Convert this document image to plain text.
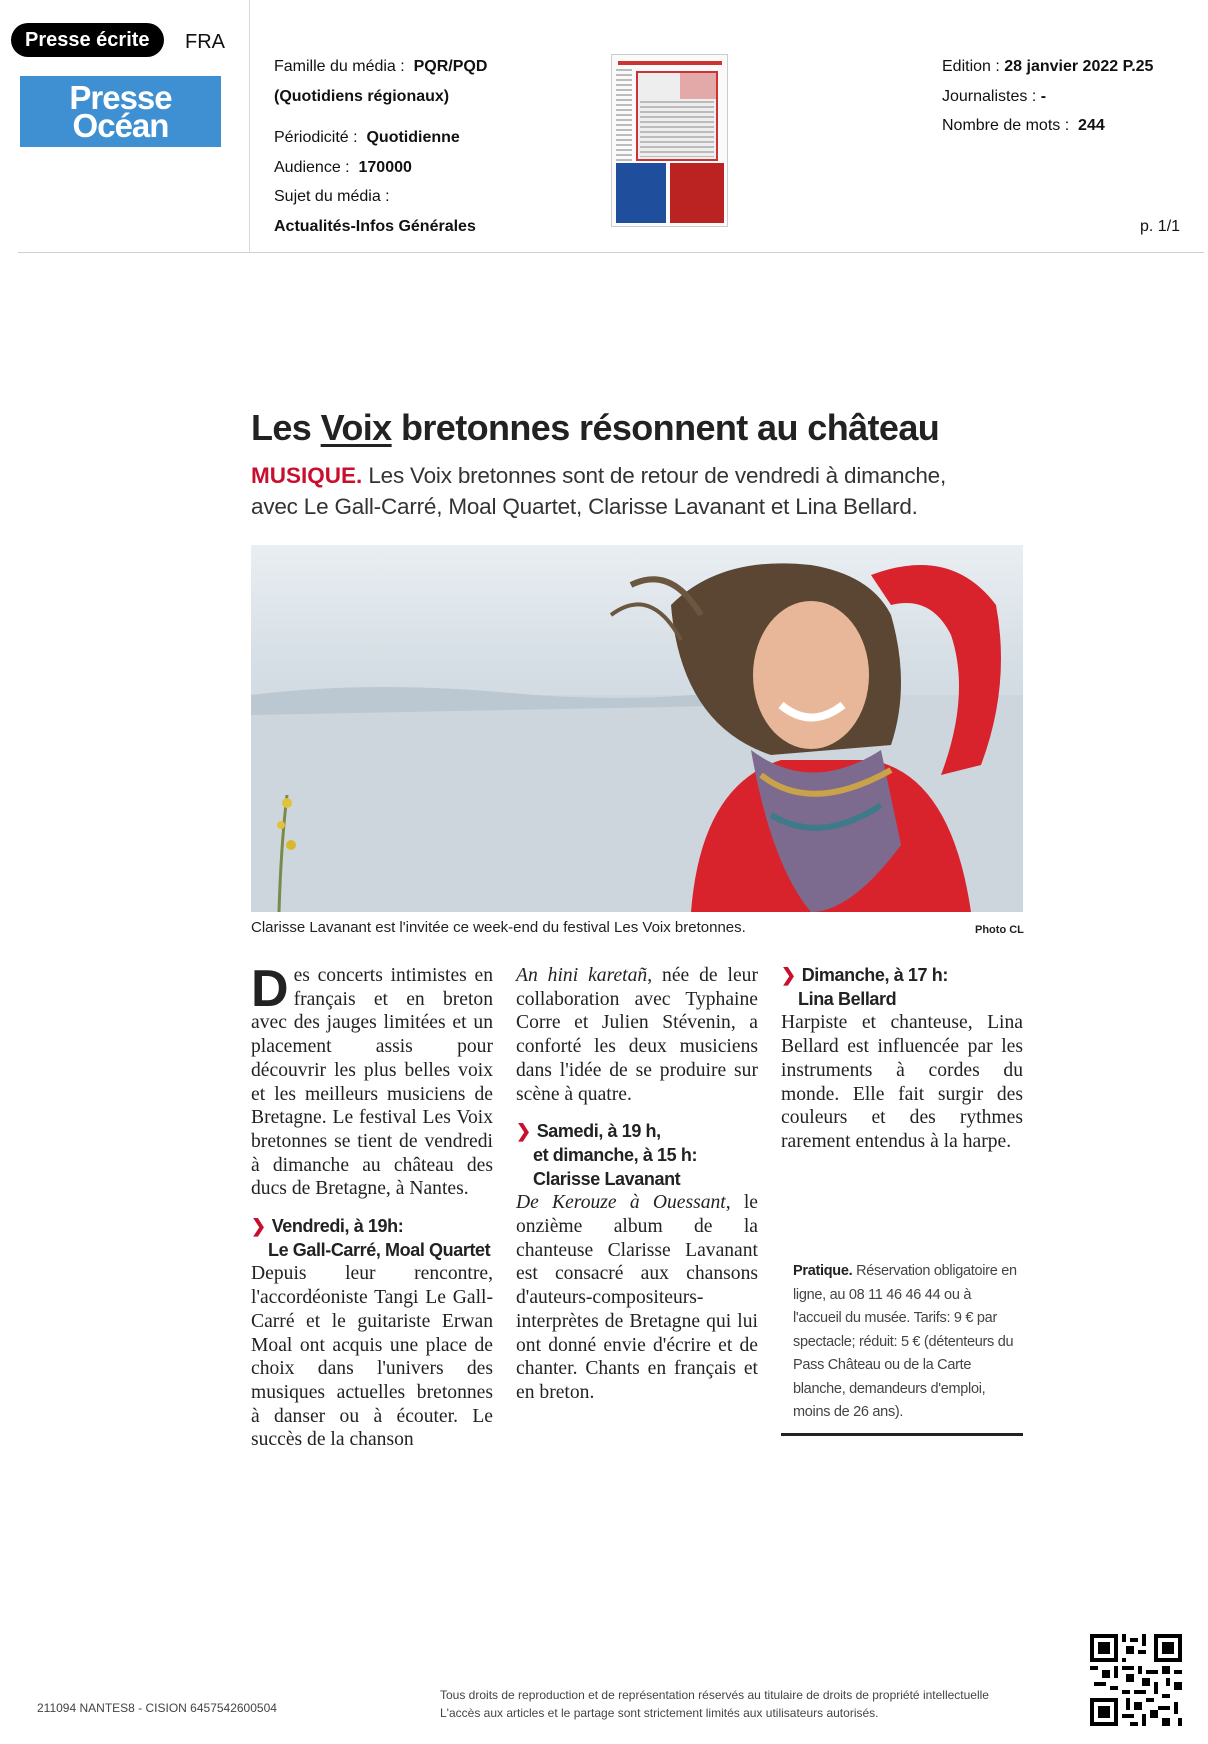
Presse écrite	FRA
Presse
Océan
Famille du média : PQR/PQD
(Quotidiens régionaux)
Périodicité : Quotidienne
Audience : 170000
Sujet du média :
Actualités-Infos Générales
Edition : 28 janvier 2022 P.25
Journalistes : -
Nombre de mots : 244
p. 1/1
Les Voix bretonnes résonnent au château

MUSIQUE. Les Voix bretonnes sont de retour de vendredi à dimanche, avec Le Gall-Carré, Moal Quartet, Clarisse Lavanant et Lina Bellard.

Clarisse Lavanant est l'invitée ce week-end du festival Les Voix bretonnes.	Photo CL

Des concerts intimistes en français et en breton avec des jauges limitées et un placement assis pour découvrir les plus belles voix et les meilleurs musiciens de Bretagne. Le festival Les Voix bretonnes se tient de vendredi à dimanche au château des ducs de Bretagne, à Nantes.

❯ Vendredi, à 19h:
Le Gall-Carré, Moal Quartet

Depuis leur rencontre, l'accordéoniste Tangi Le Gall-Carré et le guitariste Erwan Moal ont acquis une place de choix dans l'univers des musiques actuelles bretonnes à danser ou à écouter. Le succès de la chanson

An hini karetañ, née de leur collaboration avec Typhaine Corre et Julien Stévenin, a conforté les deux musiciens dans l'idée de se produire sur scène à quatre.

❯ Samedi, à 19 h,
et dimanche, à 15 h:
Clarisse Lavanant

De Kerouze à Ouessant, le onzième album de la chanteuse Clarisse Lavanant est consacré aux chansons d'auteurs-compositeurs-interprètes de Bretagne qui lui ont donné envie d'écrire et de chanter. Chants en français et en breton.

❯ Dimanche, à 17 h:
Lina Bellard

Harpiste et chanteuse, Lina Bellard est influencée par les instruments à cordes du monde. Elle fait surgir des couleurs et des rythmes rarement entendus à la harpe.

Pratique. Réservation obligatoire en ligne, au 08 11 46 46 44 ou à l'accueil du musée. Tarifs: 9 € par spectacle; réduit: 5 € (détenteurs du Pass Château ou de la Carte blanche, demandeurs d'emploi, moins de 26 ans).
211094 NANTES8 - CISION 6457542600504
Tous droits de reproduction et de représentation réservés au titulaire de droits de propriété intellectuelle
L'accès aux articles et le partage sont strictement limités aux utilisateurs autorisés.
